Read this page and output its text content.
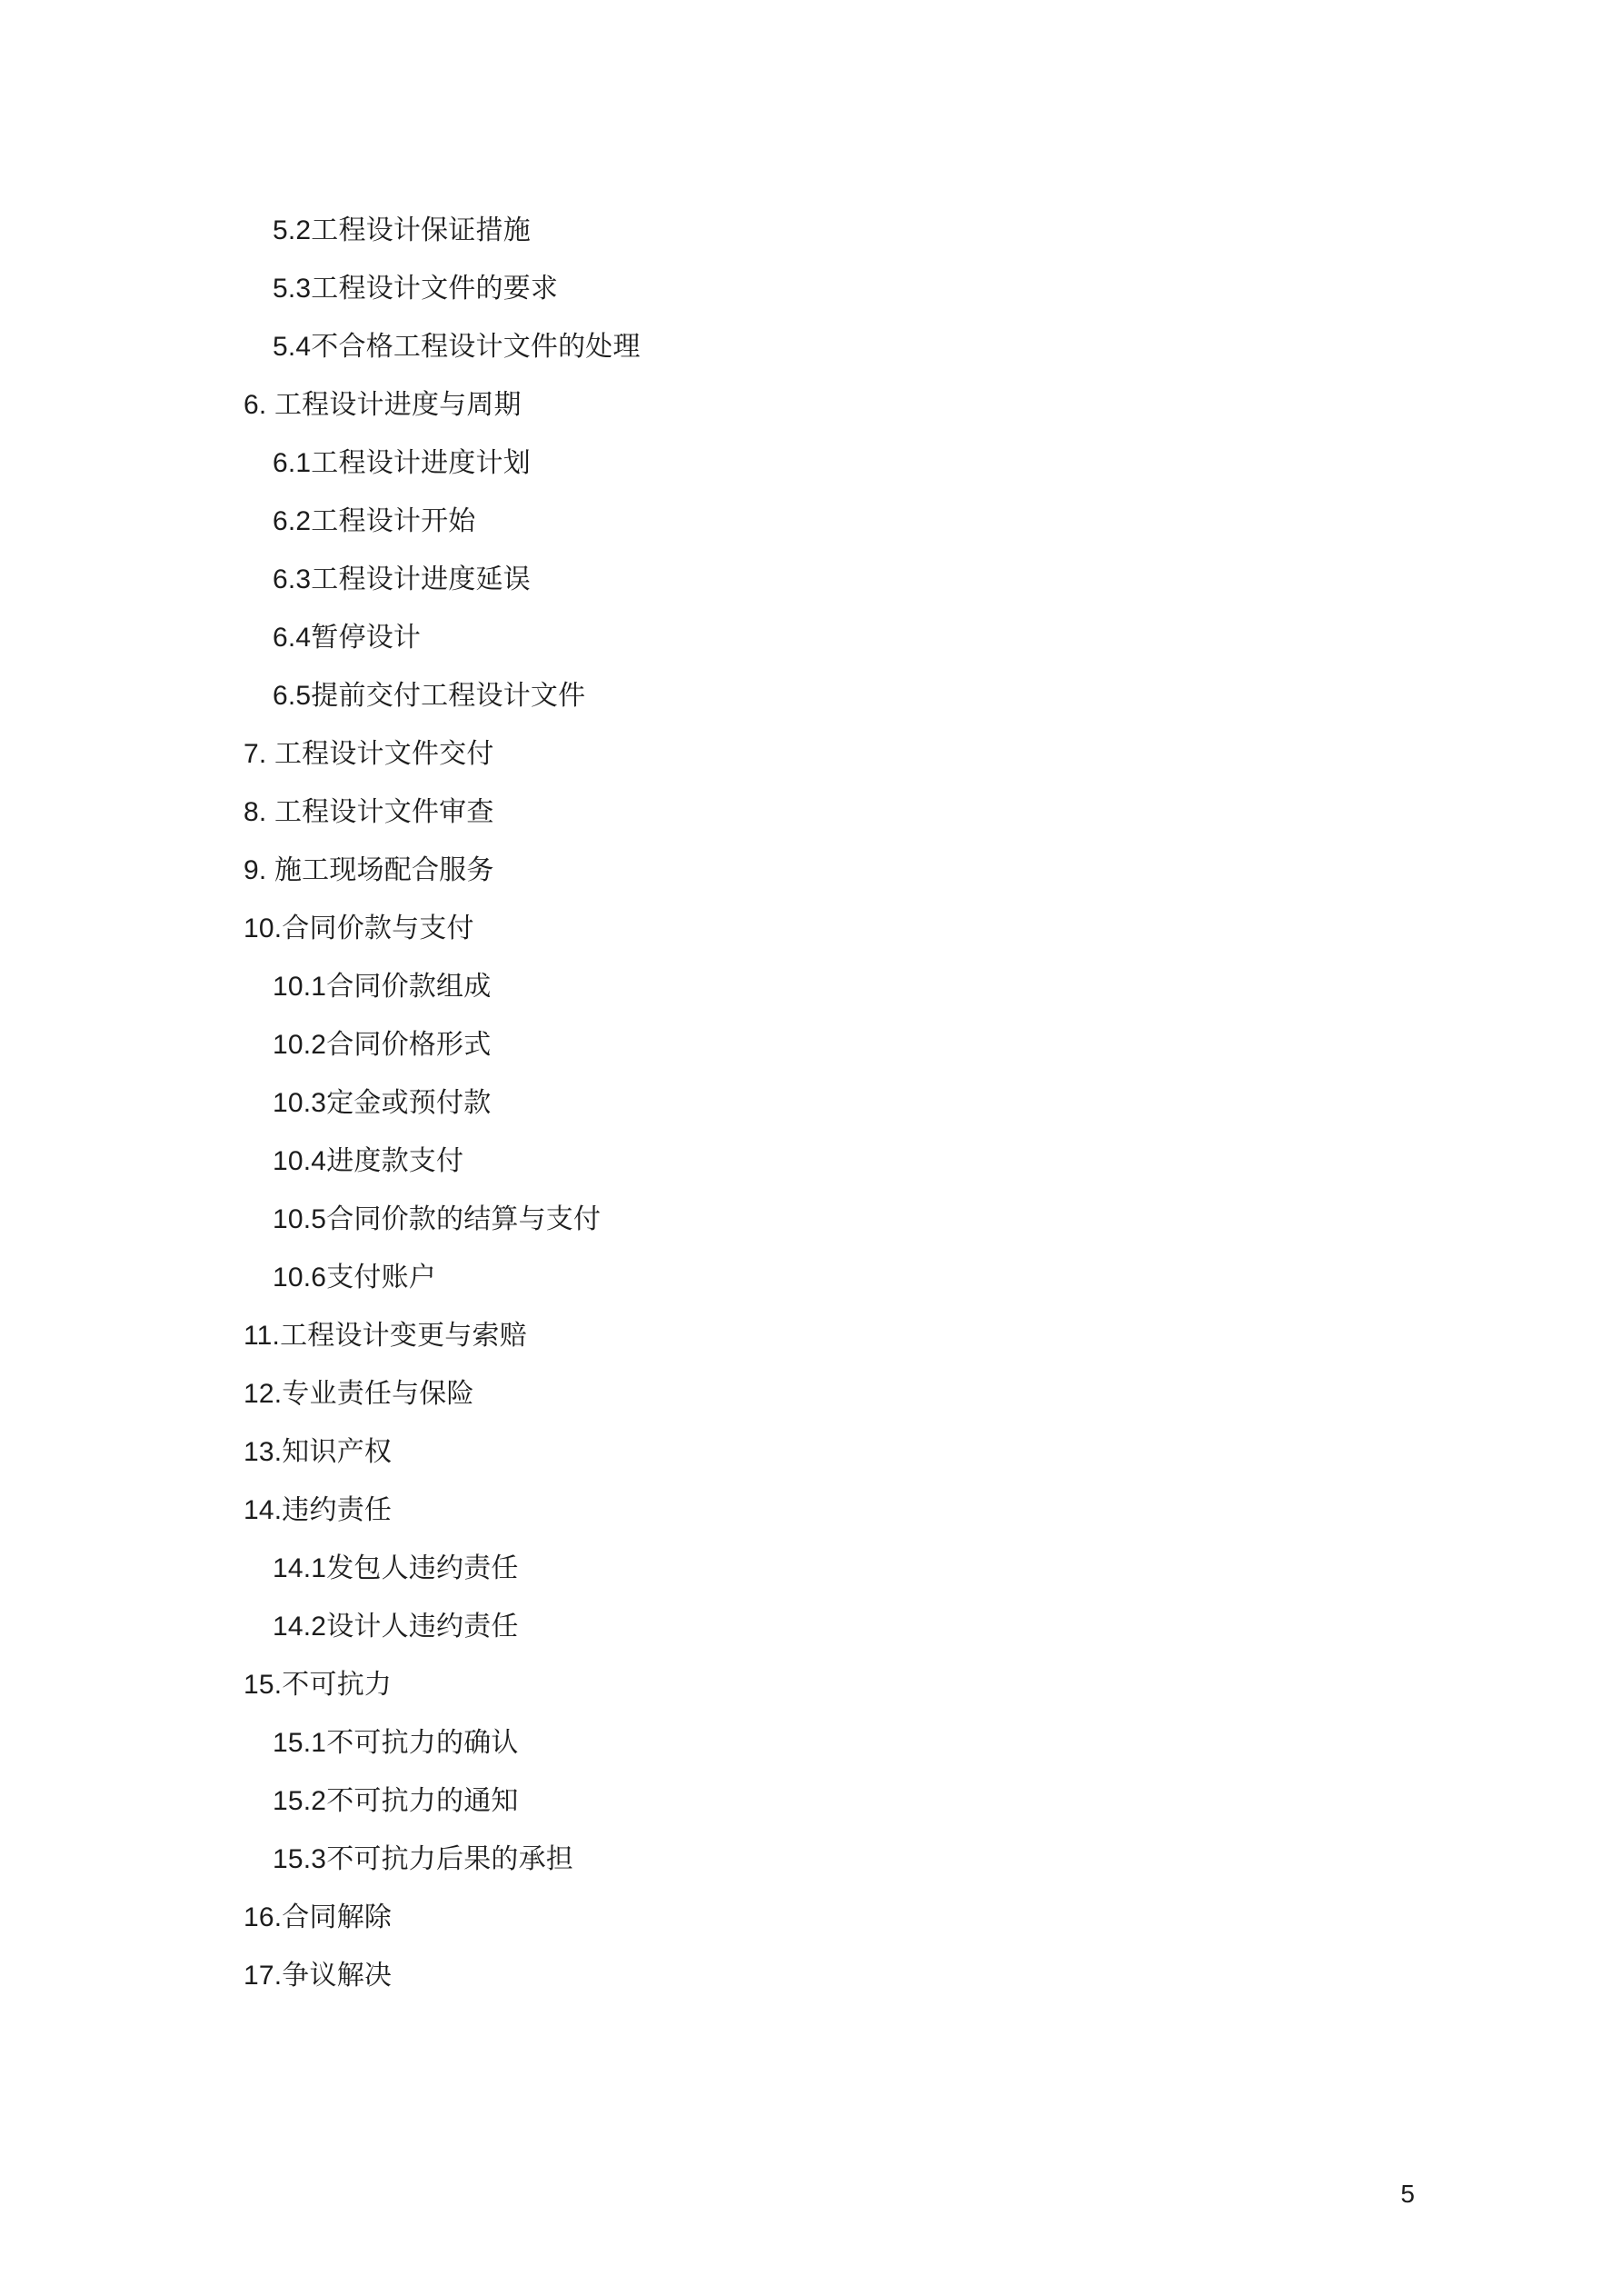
5.2工程设计保证措施
5.3工程设计文件的要求
5.4不合格工程设计文件的处理
6. 工程设计进度与周期
6.1工程设计进度计划
6.2工程设计开始
6.3工程设计进度延误
6.4暂停设计
6.5提前交付工程设计文件
7. 工程设计文件交付
8. 工程设计文件审查
9. 施工现场配合服务
10.合同价款与支付
10.1合同价款组成
10.2合同价格形式
10.3定金或预付款
10.4进度款支付
10.5合同价款的结算与支付
10.6支付账户
11.工程设计变更与索赔
12.专业责任与保险
13.知识产权
14.违约责任
14.1发包人违约责任
14.2设计人违约责任
15.不可抗力
15.1不可抗力的确认
15.2不可抗力的通知
15.3不可抗力后果的承担
16.合同解除
17.争议解决
5
